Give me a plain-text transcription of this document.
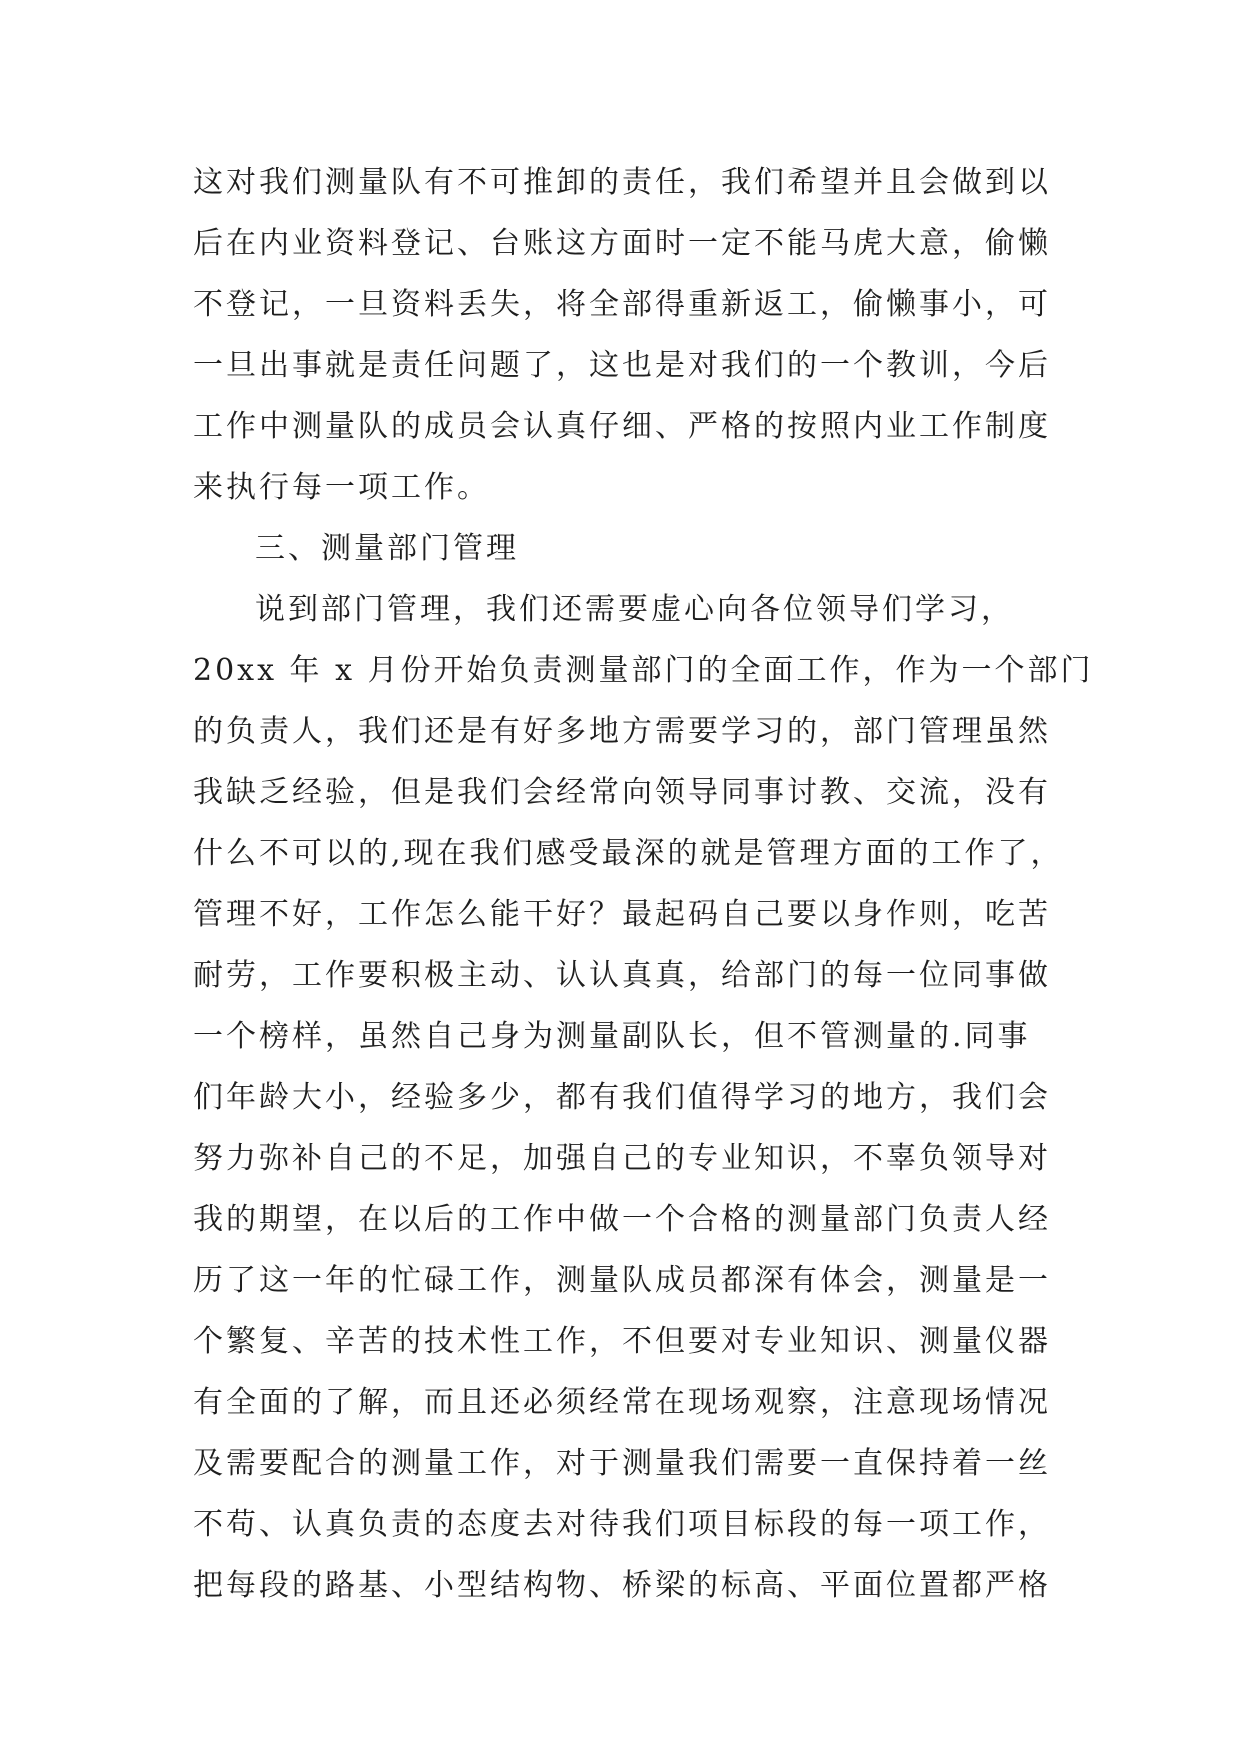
这对我们测量队有不可推卸的责任，我们希望并且会做到以
后在内业资料登记、台账这方面时一定不能马虎大意，偷懒
不登记，一旦资料丢失，将全部得重新返工，偷懒事小，可
一旦出事就是责任问题了，这也是对我们的一个教训，今后
工作中测量队的成员会认真仔细、严格的按照内业工作制度
来执行每一项工作。
三、测量部门管理
说到部门管理，我们还需要虚心向各位领导们学习，
20xx 年 x 月份开始负责测量部门的全面工作，作为一个部门
的负责人，我们还是有好多地方需要学习的，部门管理虽然
我缺乏经验，但是我们会经常向领导同事讨教、交流，没有
什么不可以的,现在我们感受最深的就是管理方面的工作了，
管理不好，工作怎么能干好？最起码自己要以身作则，吃苦
耐劳，工作要积极主动、认认真真，给部门的每一位同事做
一个榜样，虽然自己身为测量副队长，但不管测量的.同事
们年龄大小，经验多少，都有我们值得学习的地方，我们会
努力弥补自己的不足，加强自己的专业知识，不辜负领导对
我的期望，在以后的工作中做一个合格的测量部门负责人经
历了这一年的忙碌工作，测量队成员都深有体会，测量是一
个繁复、辛苦的技术性工作，不但要对专业知识、测量仪器
有全面的了解，而且还必须经常在现场观察，注意现场情况
及需要配合的测量工作，对于测量我们需要一直保持着一丝
不苟、认真负责的态度去对待我们项目标段的每一项工作，
把每段的路基、小型结构物、桥梁的标高、平面位置都严格
